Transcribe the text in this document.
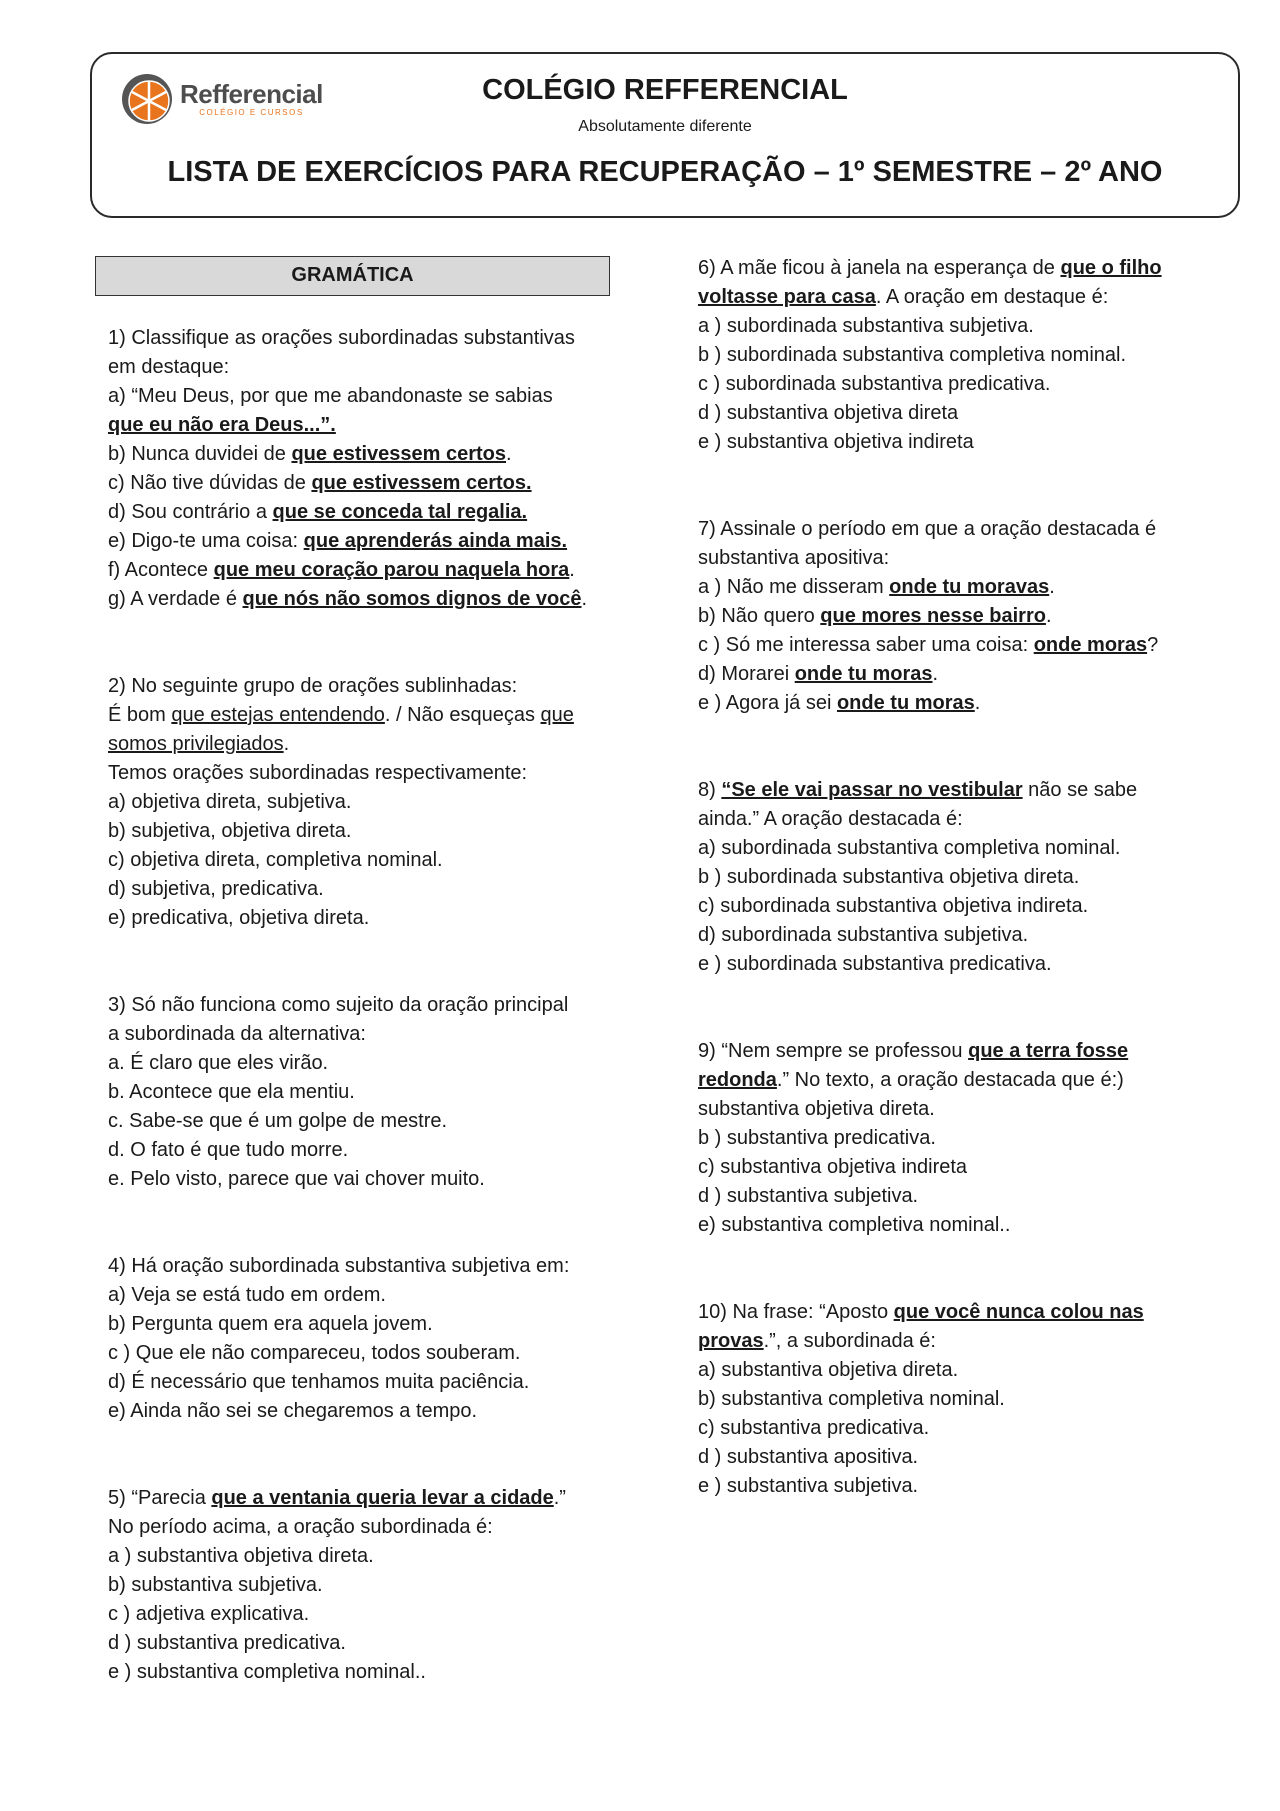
Refferencial
COLÉGIO E CURSOS
COLÉGIO REFFERENCIAL
Absolutamente diferente
LISTA DE EXERCÍCIOS PARA RECUPERAÇÃO – 1º SEMESTRE – 2º ANO
GRAMÁTICA
1) Classifique as orações subordinadas substantivas
em destaque:
a) “Meu Deus, por que me abandonaste se sabias
que eu não era Deus...”.
b) Nunca duvidei de que estivessem certos.
c) Não tive dúvidas de que estivessem certos.
d) Sou contrário a que se conceda tal regalia.
e) Digo-te uma coisa: que aprenderás ainda mais.
f) Acontece que meu coração parou naquela hora.
g) A verdade é que nós não somos dignos de você.
2) No seguinte grupo de orações sublinhadas:
É bom que estejas entendendo. / Não esqueças que
somos privilegiados.
Temos orações subordinadas respectivamente:
a) objetiva direta, subjetiva.
b) subjetiva, objetiva direta.
c) objetiva direta, completiva nominal.
d) subjetiva, predicativa.
e) predicativa, objetiva direta.
3) Só não funciona como sujeito da oração principal
a subordinada da alternativa:
a. É claro que eles virão.
b. Acontece que ela mentiu.
c. Sabe-se que é um golpe de mestre.
d. O fato é que tudo morre.
e. Pelo visto, parece que vai chover muito.
4) Há oração subordinada substantiva subjetiva em:
a) Veja se está tudo em ordem.
b) Pergunta quem era aquela jovem.
c ) Que ele não compareceu, todos souberam.
d) É necessário que tenhamos muita paciência.
e) Ainda não sei se chegaremos a tempo.
5) “Parecia que a ventania queria levar a cidade.”
No período acima, a oração subordinada é:
a ) substantiva objetiva direta.
b) substantiva subjetiva.
c ) adjetiva explicativa.
d ) substantiva predicativa.
e ) substantiva completiva nominal..
6) A mãe ficou à janela na esperança de que o filho
voltasse para casa. A oração em destaque é:
a ) subordinada substantiva subjetiva.
b ) subordinada substantiva completiva nominal.
c ) subordinada substantiva predicativa.
d ) substantiva objetiva direta
e ) substantiva objetiva indireta
7) Assinale o período em que a oração destacada é
substantiva apositiva:
a ) Não me disseram onde tu moravas.
b) Não quero que mores nesse bairro.
c ) Só me interessa saber uma coisa: onde moras?
d) Morarei onde tu moras.
e ) Agora já sei onde tu moras.
8) “Se ele vai passar no vestibular não se sabe
ainda.” A oração destacada é:
a) subordinada substantiva completiva nominal.
b ) subordinada substantiva objetiva direta.
c) subordinada substantiva objetiva indireta.
d) subordinada substantiva subjetiva.
e ) subordinada substantiva predicativa.
9) “Nem sempre se professou que a terra fosse
redonda.” No texto, a oração destacada que é:)
substantiva objetiva direta.
b ) substantiva predicativa.
c) substantiva objetiva indireta
d ) substantiva subjetiva.
e) substantiva completiva nominal..
10) Na frase: “Aposto que você nunca colou nas
provas.”, a subordinada é:
a) substantiva objetiva direta.
b) substantiva completiva nominal.
c) substantiva predicativa.
d ) substantiva apositiva.
e ) substantiva subjetiva.
